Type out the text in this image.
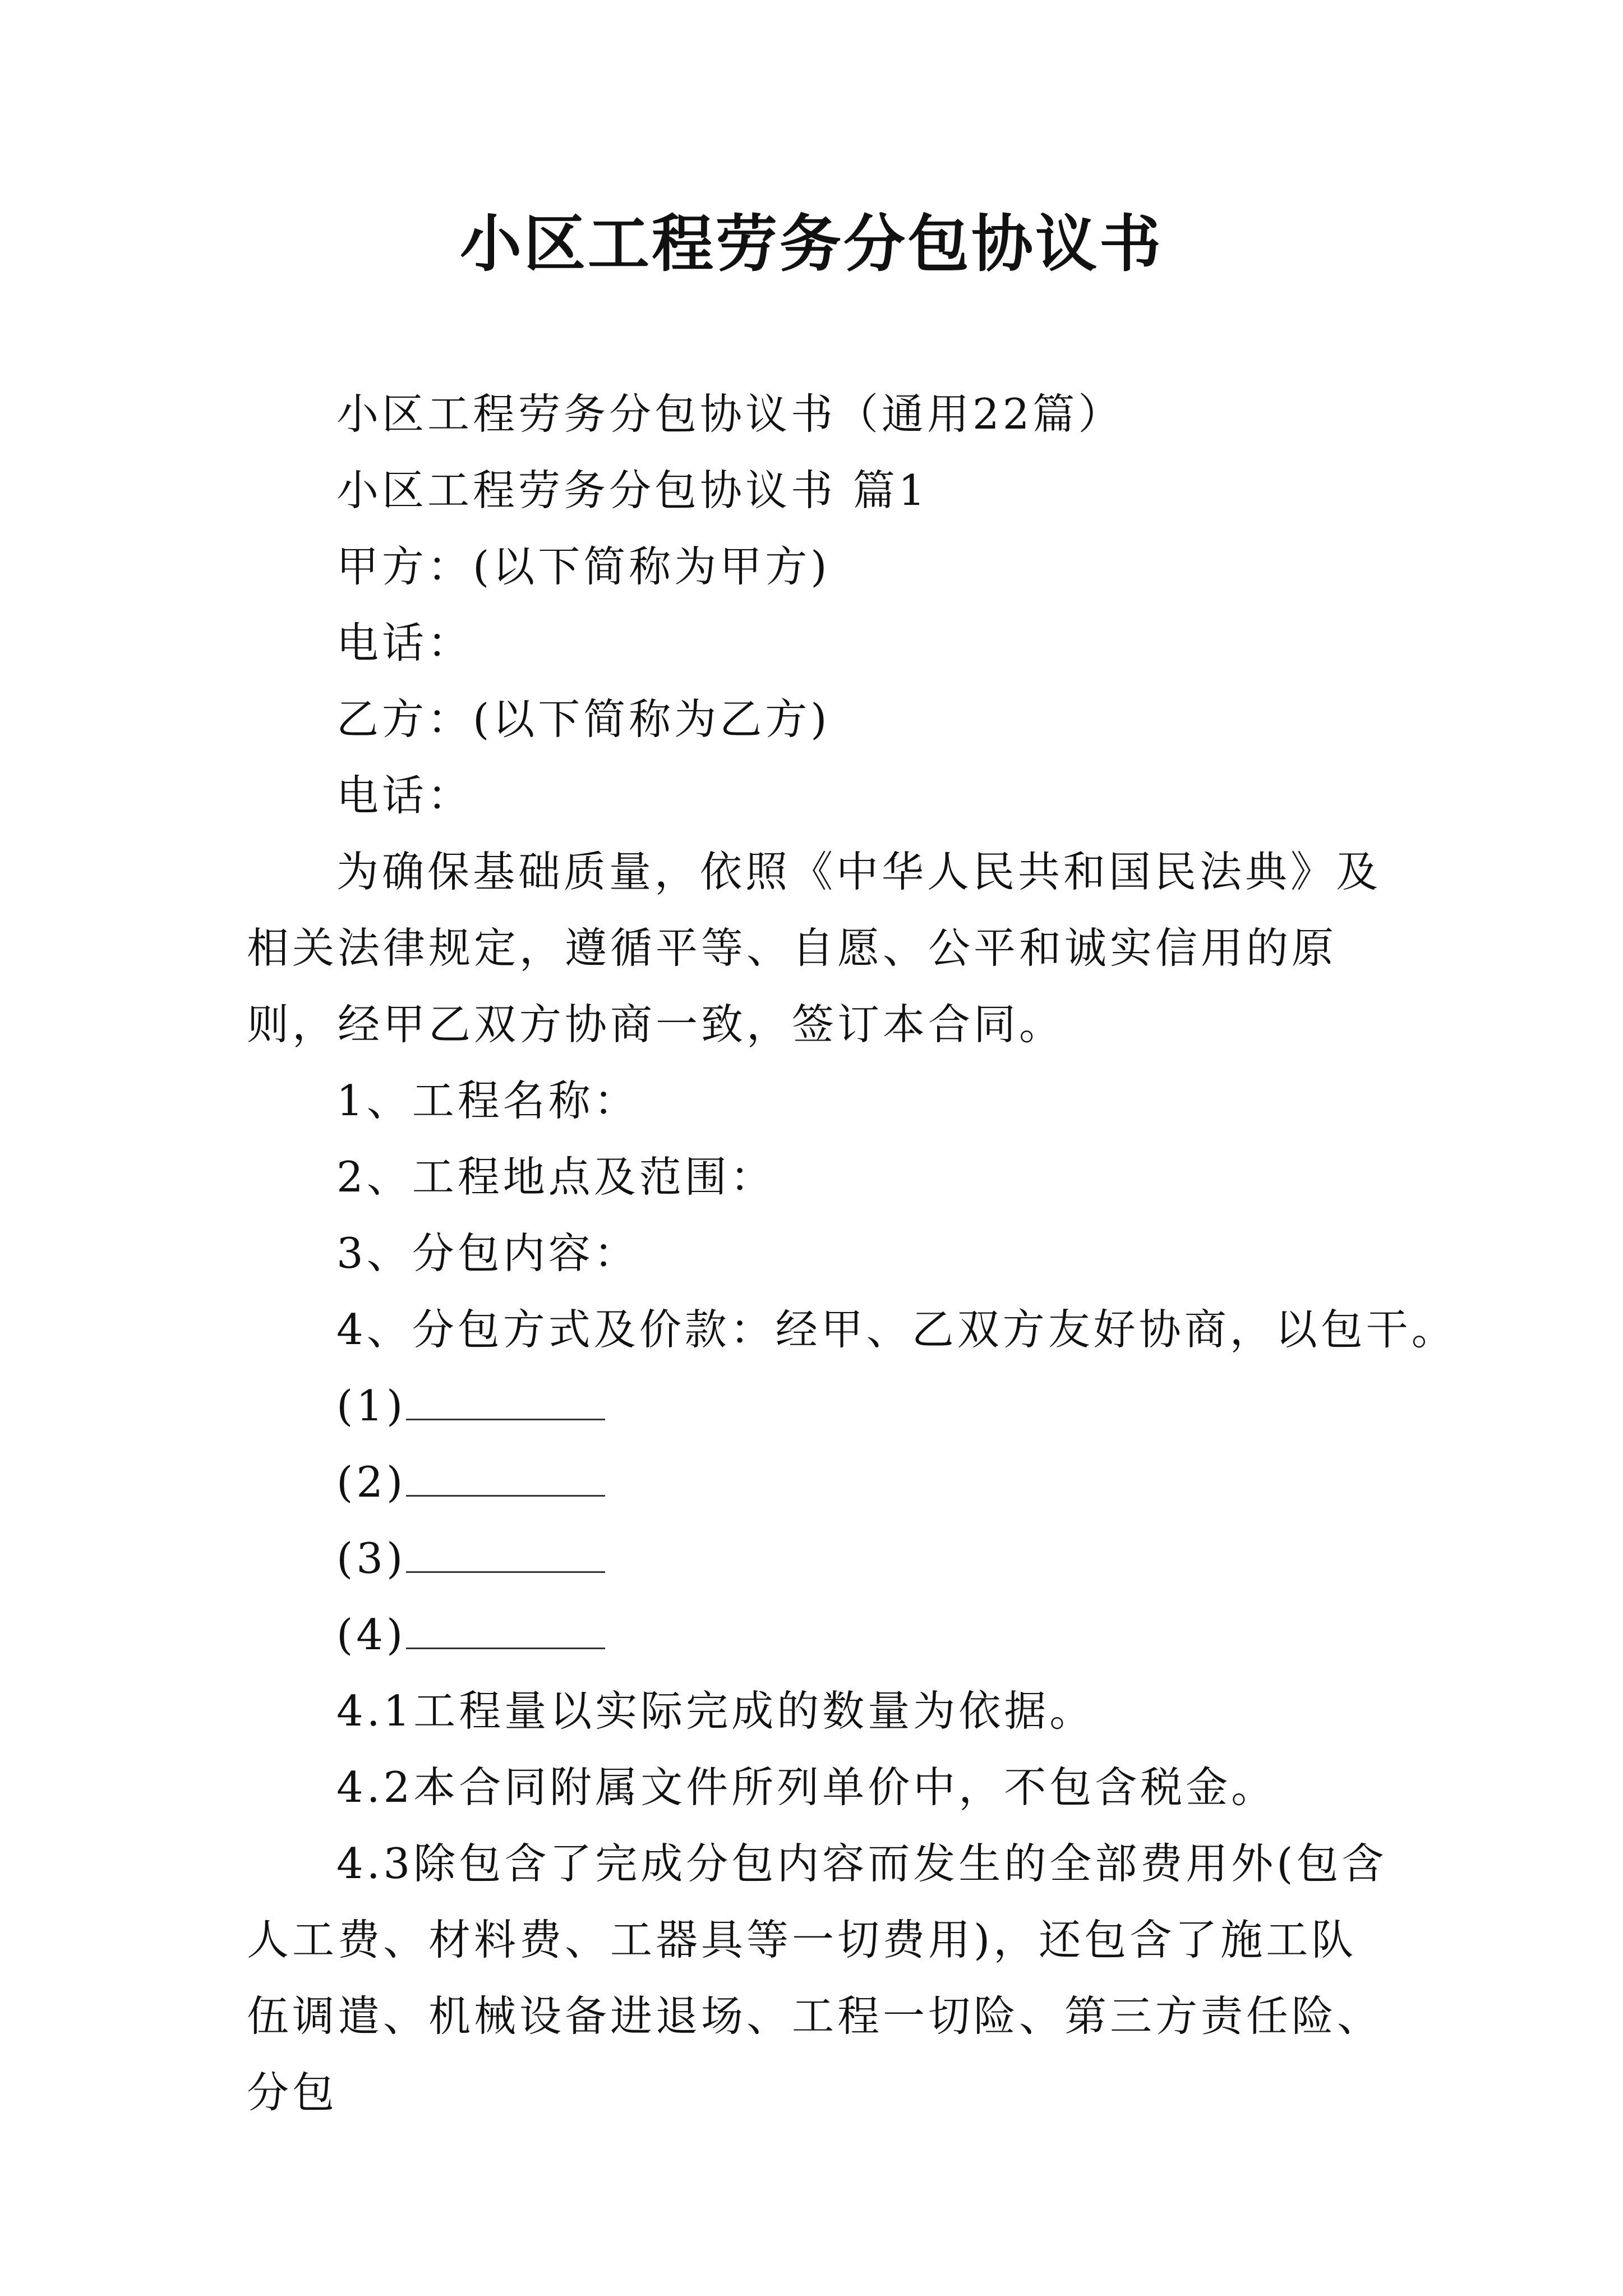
小区工程劳务分包协议书

小区工程劳务分包协议书（通用22篇）

小区工程劳务分包协议书 篇1

甲方：(以下简称为甲方)

电话：

乙方：(以下简称为乙方)

电话：

为确保基础质量，依照《中华人民共和国民法典》及相关法律规定，遵循平等、自愿、公平和诚实信用的原则，经甲乙双方协商一致，签订本合同。

1、工程名称：

2、工程地点及范围：

3、分包内容：

4、分包方式及价款：经甲、乙双方友好协商，以包干。

(1)

(2)

(3)

(4)

4.1工程量以实际完成的数量为依据。

4.2本合同附属文件所列单价中，不包含税金。

4.3除包含了完成分包内容而发生的全部费用外(包含人工费、材料费、工器具等一切费用)，还包含了施工队伍调遣、机械设备进退场、工程一切险、第三方责任险、分包
